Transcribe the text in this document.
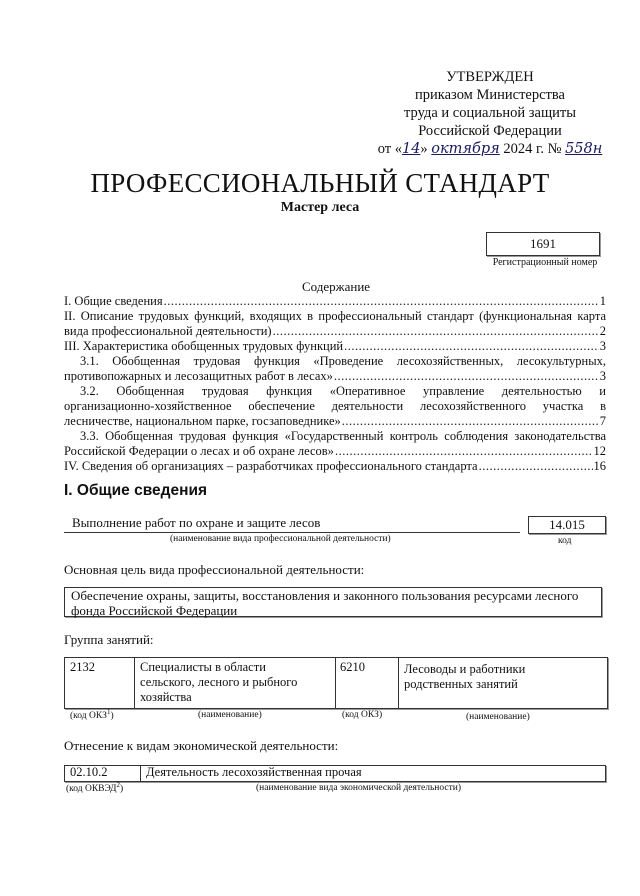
УТВЕРЖДЕН
приказом Министерства
труда и социальной защиты
Российской Федерации
от «14» октября 2024 г. № 558н
ПРОФЕССИОНАЛЬНЫЙ СТАНДАРТ
Мастер леса
1691
Регистрационный номер
Содержание
I. Общие сведения .....	1
II. Описание трудовых функций, входящих в профессиональный стандарт (функциональная карта
вида профессиональной деятельности) .....	2
III. Характеристика обобщенных трудовых функций .....	3
3.1. Обобщенная трудовая функция «Проведение лесохозяйственных, лесокультурных,
противопожарных и лесозащитных работ в лесах» .....	3
3.2. Обобщенная трудовая функция «Оперативное управление деятельностью и
организационно-хозяйственное обеспечение деятельности лесохозяйственного участка в
лесничестве, национальном парке, госзаповеднике» .....	7
3.3. Обобщенная трудовая функция «Государственный контроль соблюдения законодательства
Российской Федерации о лесах и об охране лесов» .....	12
IV. Сведения об организациях – разработчиках профессионального стандарта .....	16
I. Общие сведения
Выполнение работ по охране и защите лесов	14.015
(наименование вида профессиональной деятельности)	код
Основная цель вида профессиональной деятельности:
Обеспечение охраны, защиты, восстановления и законного пользования ресурсами лесного
фонда Российской Федерации
Группа занятий:
2132	Специалисты в области
сельского, лесного и рыбного
хозяйства
6210	Лесоводы и работники
родственных занятий
(код ОКЗ$^1$)	(наименование)	(код ОКЗ)	(наименование)
Отнесение к видам экономической деятельности:
02.10.2	Деятельность лесохозяйственная прочая
(код ОКВЭД$^2$)	(наименование вида экономической деятельности)
